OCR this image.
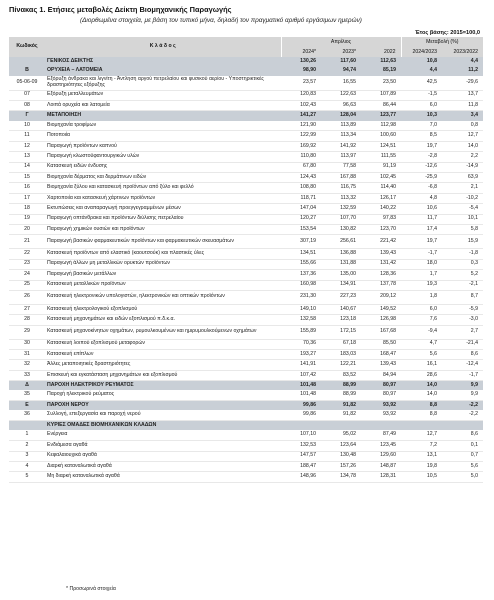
Πίνακας 1. Ετήσιες μεταβολές Δείκτη Βιομηχανικής Παραγωγής
(Διορθωμένα στοιχεία, με βάση τον τυπικό μήνα, δηλαδή τον πραγματικό αριθμό εργάσιμων ημερών)
Έτος βάσης: 2015=100,0
Κωδικός	Κ λ ά δ ο ς	Απρίλιος			Μεταβολή (%)	
		2024*	2023*	2022	2024/2023	2023/2022
	ΓΕΝΙΚΟΣ ΔΕΙΚΤΗΣ	130,26	117,60	112,63	10,8	4,4
Β	ΟΡΥΧΕΙΑ – ΛΑΤΟΜΕΙΑ	98,90	94,74	85,19	4,4	11,2
05-06-09	Εξόρυξη άνθρακα και λιγνίτη - Άντληση αργού πετρελαίου και φυσικού αερίου - Υποστηρικτικές δραστηριότητες εξόρυξης	23,57	16,55	23,50	42,5	-29,6
07	Εξόρυξη μεταλλευμάτων	120,83	122,63	107,89	-1,5	13,7
08	Λοιπά ορυχεία και λατομεία	102,43	96,63	86,44	6,0	11,8
Γ	ΜΕΤΑΠΟΙΗΣΗ	141,27	128,04	123,77	10,3	3,4
10	Βιομηχανία τροφίμων	121,90	113,89	112,98	7,0	0,8
11	Ποτοποιία	122,99	113,34	100,60	8,5	12,7
12	Παραγωγή προϊόντων καπνού	169,92	141,92	124,51	19,7	14,0
13	Παραγωγή κλωστοϋφαντουργικών υλών	110,80	113,97	111,55	-2,8	2,2
14	Κατασκευή ειδών ένδυσης	67,80	77,58	91,19	-12,6	-14,9
15	Βιομηχανία δέρματος και δερμάτινων ειδών	124,43	167,88	102,45	-25,9	63,9
16	Βιομηχανία ξύλου και κατασκευή προϊόντων από ξύλο και φελλό	108,80	116,75	114,40	-6,8	2,1
17	Χαρτοποιία και κατασκευή χάρτινων προϊόντων	118,71	113,32	126,17	4,8	-10,2
18	Εκτυπώσεις και αναπαραγωγή προεγγεγραμμένων μέσων	147,04	132,59	140,22	10,6	-5,4
19	Παραγωγή οπτάνθρακα και προϊόντων διύλισης πετρελαίου	120,27	107,70	97,83	11,7	10,1
20	Παραγωγή χημικών ουσιών και προϊόντων	153,54	130,82	123,70	17,4	5,8
21	Παραγωγή βασικών φαρμακευτικών προϊόντων και φαρμακευτικών σκευασμάτων	307,19	256,61	221,42	19,7	15,9
22	Κατασκευή προϊόντων από ελαστικό (καουτσούκ) και πλαστικές ύλες	134,51	136,88	139,43	-1,7	-1,8
23	Παραγωγή άλλων μη μεταλλικών ορυκτών προϊόντων	155,66	131,88	131,42	18,0	0,3
24	Παραγωγή βασικών μετάλλων	137,36	135,00	128,36	1,7	5,2
25	Κατασκευή μεταλλικών προϊόντων	160,98	134,91	137,78	19,3	-2,1
26	Κατασκευή ηλεκτρονικών υπολογιστών, ηλεκτρονικών και οπτικών προϊόντων	231,30	227,23	209,12	1,8	8,7
27	Κατασκευή ηλεκτρολογικού εξοπλισμού	149,10	140,67	149,52	6,0	-5,9
28	Κατασκευή μηχανημάτων και ειδών εξοπλισμού π.δ.κ.α.	132,58	123,18	126,98	7,6	-3,0
29	Κατασκευή μηχανοκίνητων οχημάτων, ρυμουλκουμένων και ημιρυμουλκούμενων οχημάτων	155,89	172,15	167,68	-9,4	2,7
30	Κατασκευή λοιπού εξοπλισμού μεταφορών	70,36	67,18	85,50	4,7	-21,4
31	Κατασκευή επίπλων	193,27	183,03	168,47	5,6	8,6
32	Άλλες μεταποιητικές δραστηριότητες	141,91	122,21	139,43	16,1	-12,4
33	Επισκευή και εγκατάσταση μηχανημάτων και εξοπλισμού	107,42	83,52	84,94	28,6	-1,7
Δ	ΠΑΡΟΧΗ ΗΛΕΚΤΡΙΚΟΥ ΡΕΥΜΑΤΟΣ	101,48	88,99	80,97	14,0	9,9
35	Παροχή ηλεκτρικού ρεύματος	101,48	88,99	80,97	14,0	9,9
Ε	ΠΑΡΟΧΗ ΝΕΡΟΥ	99,86	91,82	93,92	8,8	-2,2
36	Συλλογή, επεξεργασία και παροχή νερού	99,86	91,82	93,92	8,8	-2,2
	ΚΥΡΙΕΣ ΟΜΑΔΕΣ ΒΙΟΜΗΧΑΝΙΚΩΝ ΚΛΑΔΩΝ					
1	Ενέργεια	107,10	95,02	87,49	12,7	8,6
2	Ενδιάμεσα αγαθά	132,53	123,64	123,45	7,2	0,1
3	Κεφαλαιουχικά αγαθά	147,57	130,48	129,60	13,1	0,7
4	Διαρκή καταναλωτικά αγαθά	188,47	157,26	148,87	19,8	5,6
5	Μη διαρκή καταναλωτικά αγαθά	148,96	134,78	128,31	10,5	5,0
* Προσωρινά στοιχεία
